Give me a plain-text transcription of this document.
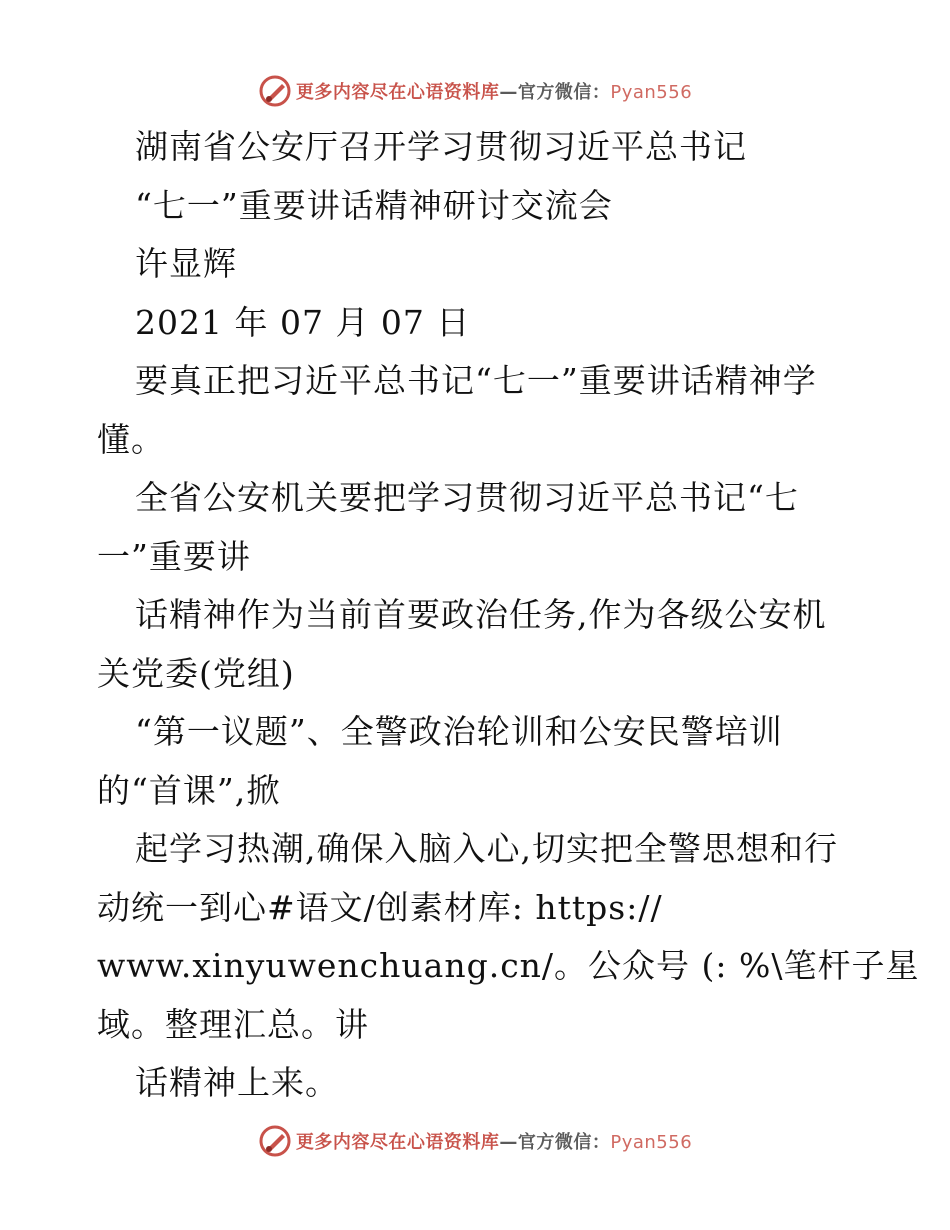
更多内容尽在心语资料库—官方微信：Pyan556
湖南省公安厅召开学习贯彻习近平总书记
“七一”重要讲话精神研讨交流会
许显辉
2021 年 07 月 07 日
要真正把习近平总书记“七一”重要讲话精神学
懂。
全省公安机关要把学习贯彻习近平总书记“七
一”重要讲
话精神作为当前首要政治任务,作为各级公安机
关党委(党组)
“第一议题”、全警政治轮训和公安民警培训
的“首课”,掀
起学习热潮,确保入脑入心,切实把全警思想和行
动统一到心#语文/创素材库: https://
www.xinyuwenchuang.cn/。公众号 (: %\笔杆子星
域。整理汇总。讲
话精神上来。
更多内容尽在心语资料库—官方微信：Pyan556
